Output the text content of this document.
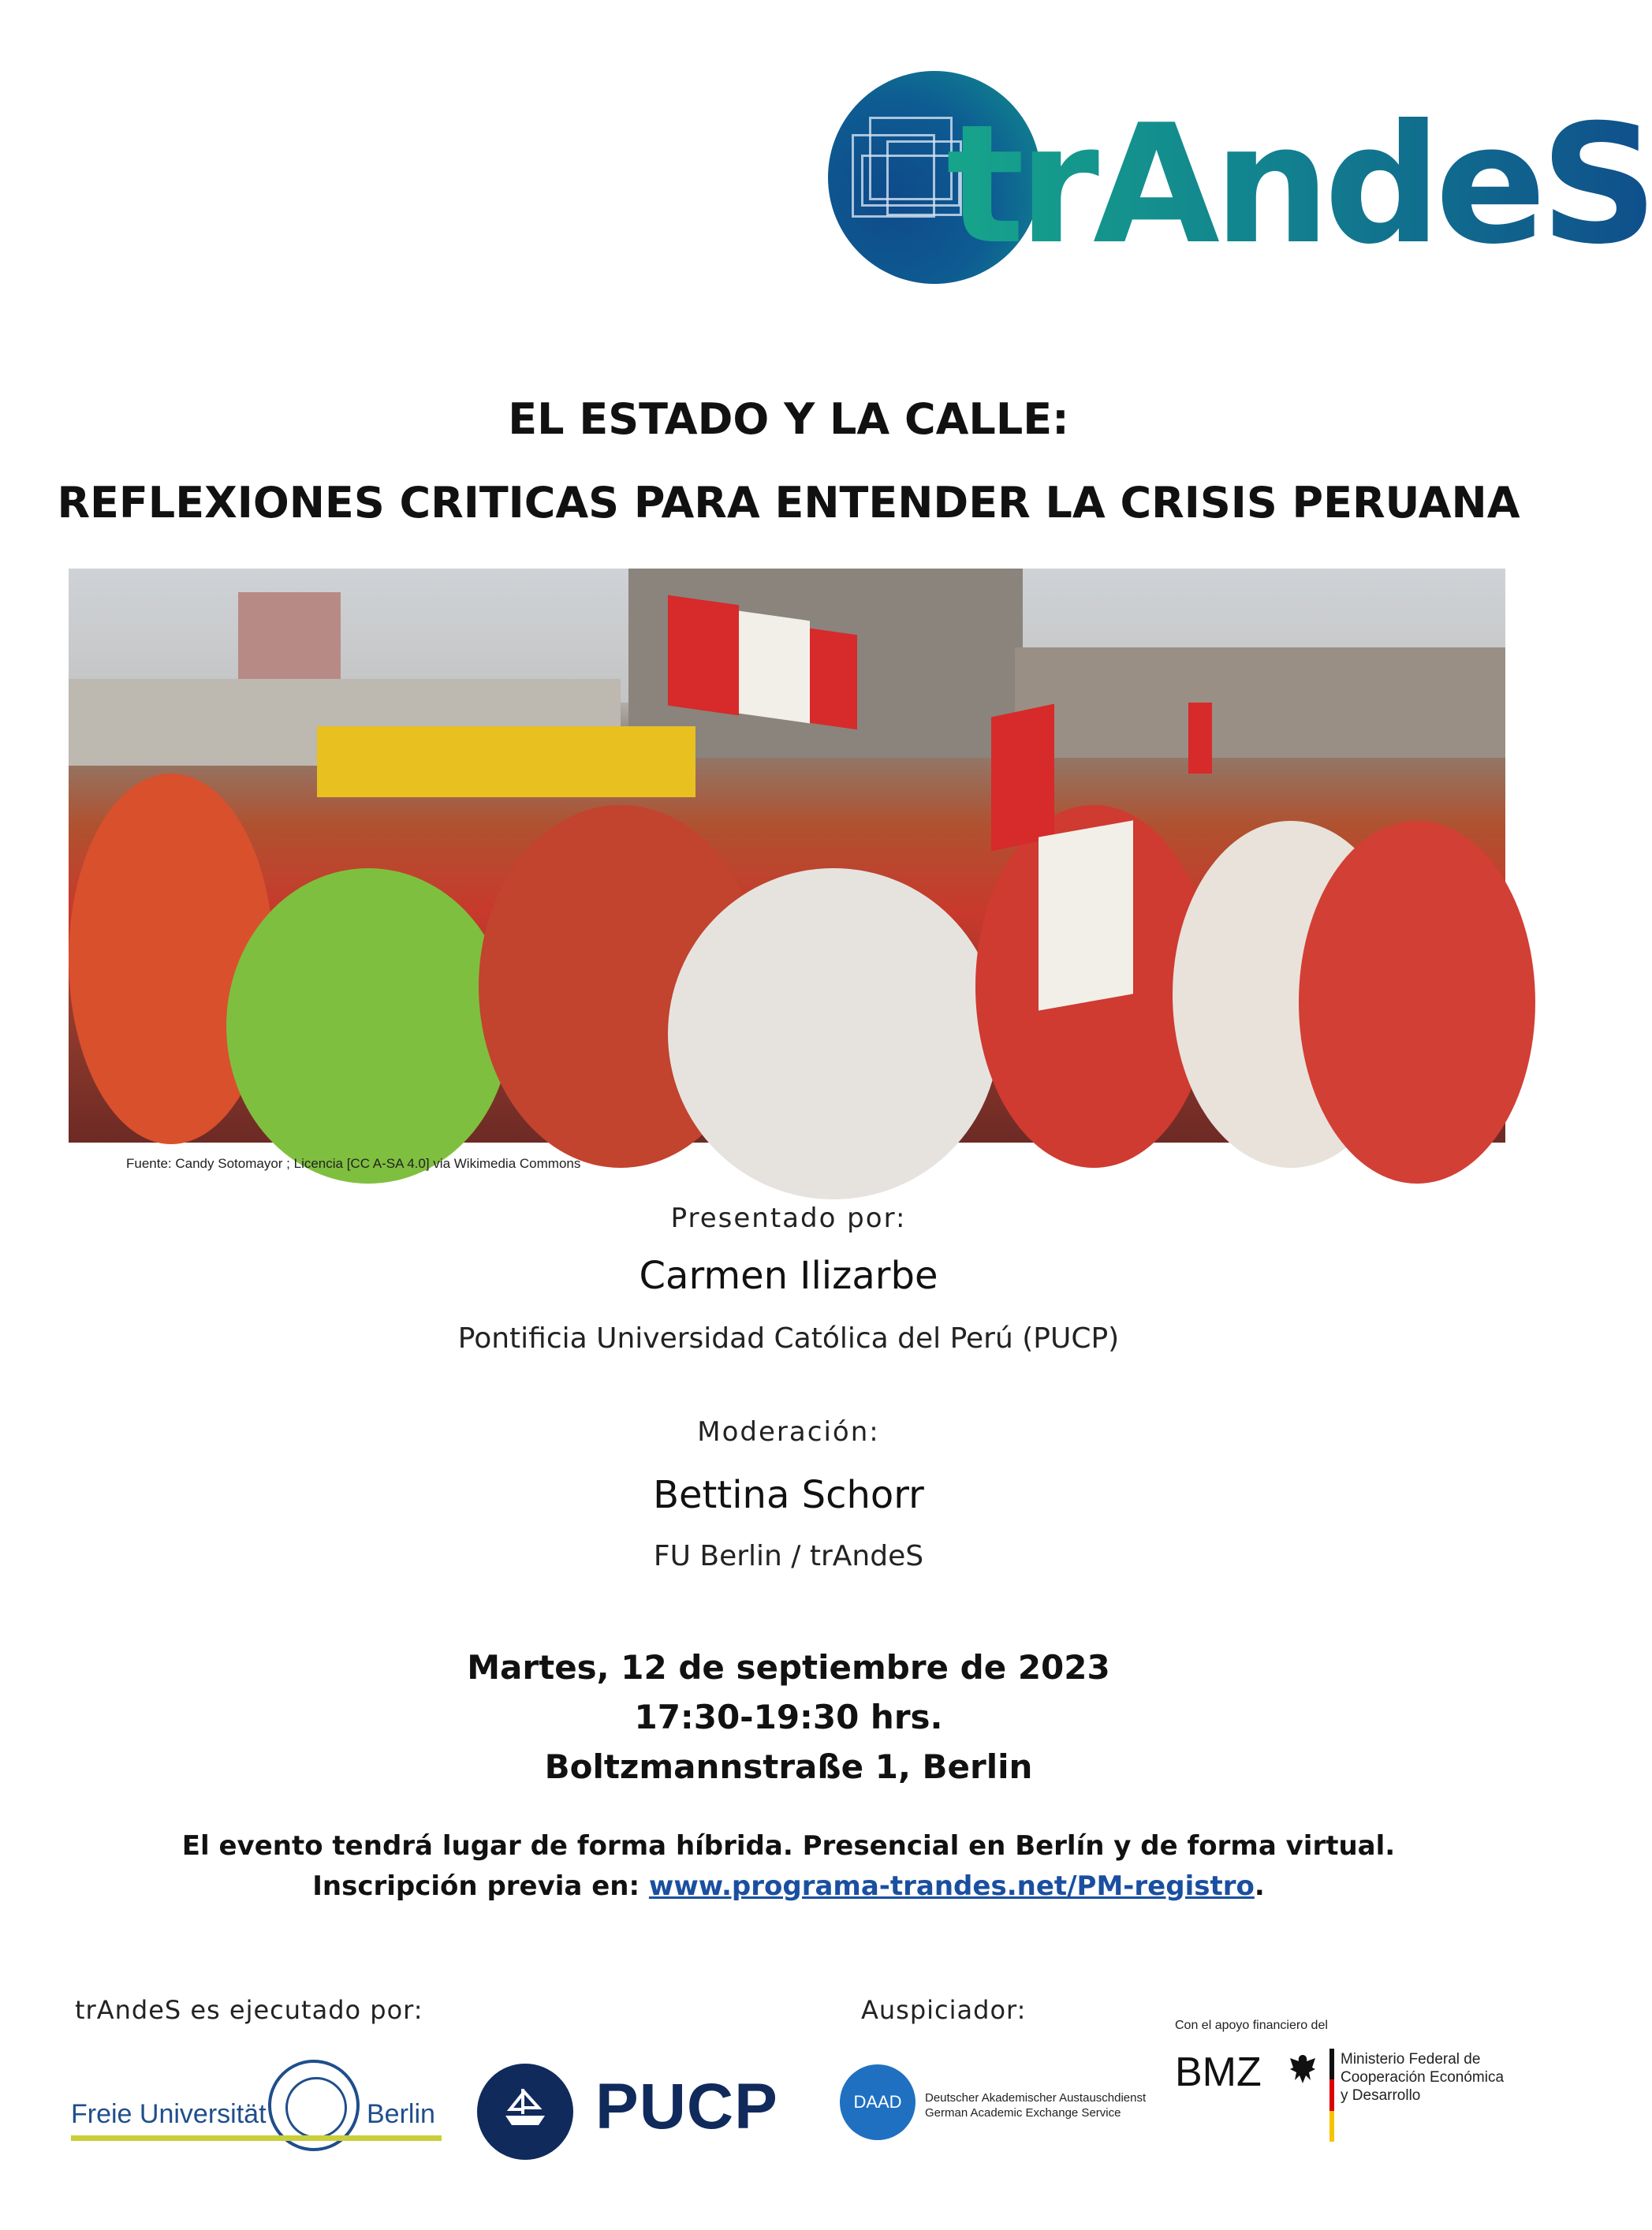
trAndeS
EL ESTADO Y LA CALLE:
REFLEXIONES CRITICAS PARA ENTENDER LA CRISIS PERUANA
Fuente: Candy Sotomayor ; Licencia [CC A-SA 4.0] via Wikimedia Commons
Presentado por:
Carmen Ilizarbe
Pontificia Universidad Católica del Perú (PUCP)
Moderación:
Bettina Schorr
FU Berlin / trAndeS
Martes, 12 de septiembre de 2023
17:30-19:30 hrs.
Boltzmannstraße 1, Berlin
El evento tendrá lugar de forma híbrida. Presencial en Berlín y de forma virtual.
Inscripción previa en: www.programa-trandes.net/PM-registro.
trAndeS es ejecutado por:	Auspiciador:
Freie Universität	Berlin PUCP	DAAD	Deutscher Akademischer Austauschdienst
German Academic Exchange Service
Con el apoyo financiero del
BMZ	Ministerio Federal de
Cooperación Económica
y Desarrollo
